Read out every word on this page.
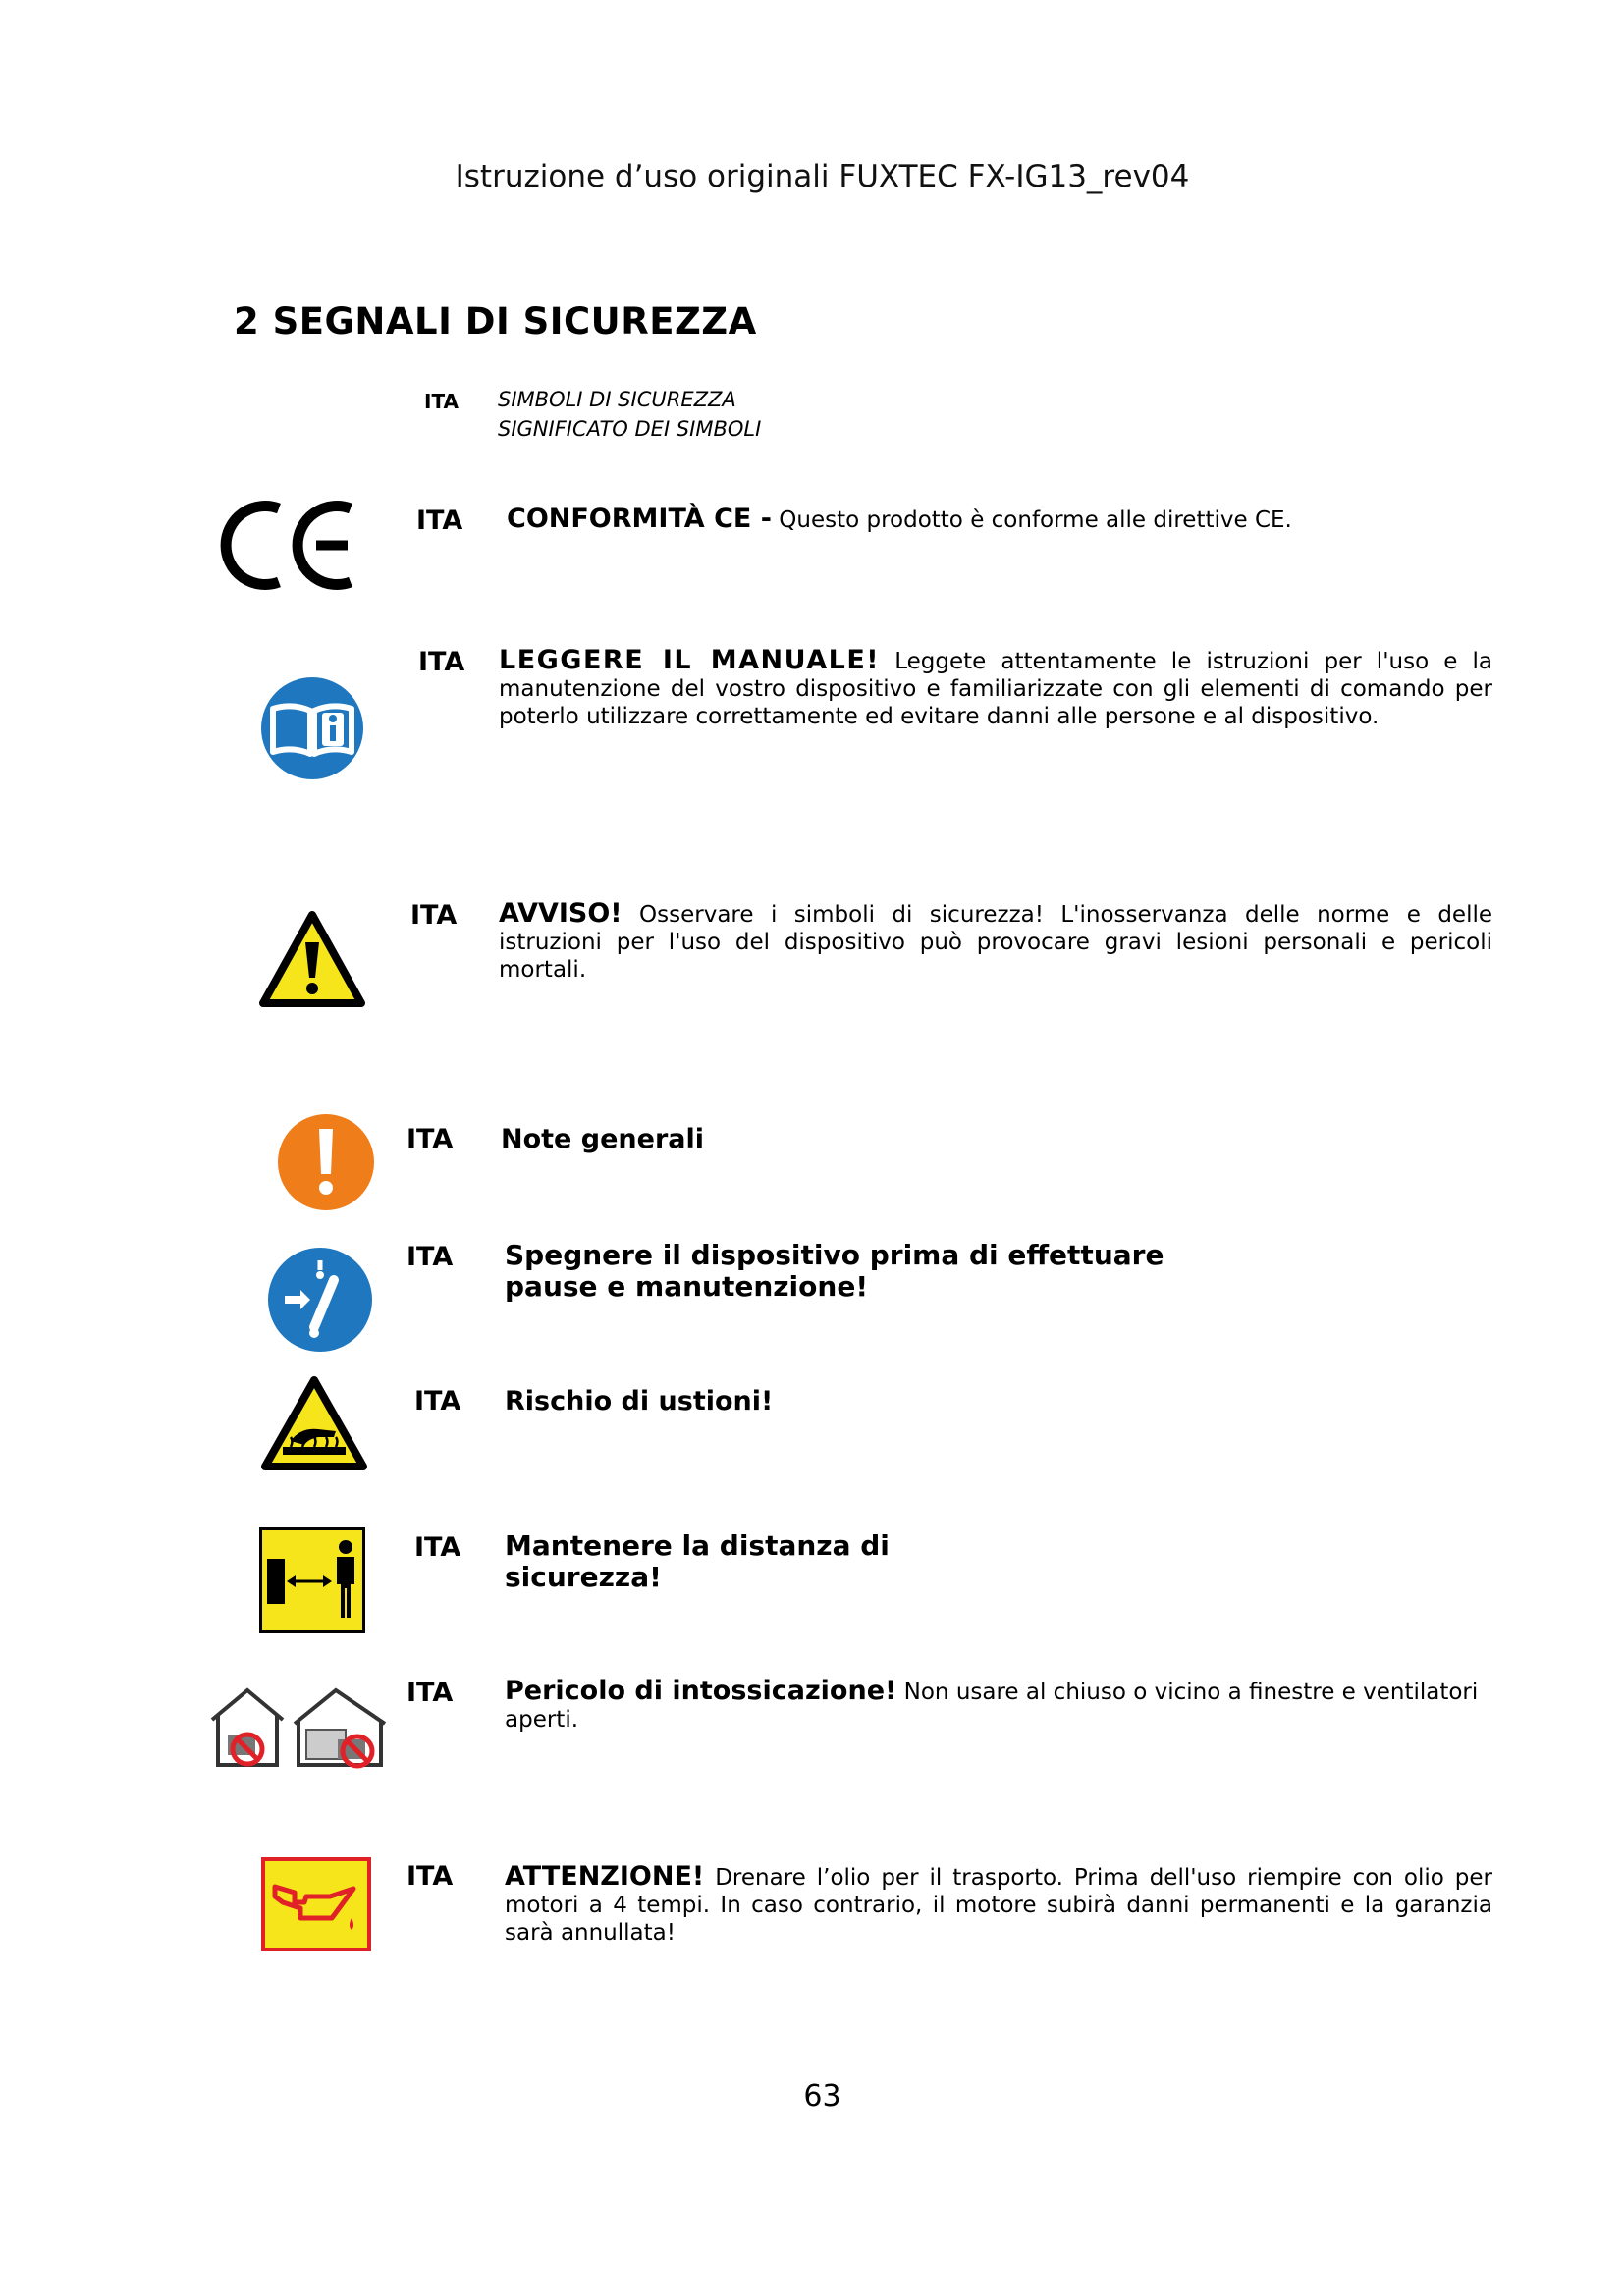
Istruzione d’uso originali FUXTEC FX-IG13_rev04
2 SEGNALI DI SICUREZZA
ITA SIMBOLI DI SICUREZZA
SIGNIFICATO DEI SIMBOLI
ITA CONFORMITÀ CE - Questo prodotto è conforme alle direttive CE.
ITA LEGGERE IL MANUALE! Leggete attentamente le istruzioni per l'uso e la manutenzione del vostro dispositivo e familiarizzate con gli elementi di comando per poterlo utilizzare correttamente ed evitare danni alle persone e al dispositivo.
ITA AVVISO! Osservare i simboli di sicurezza! L'inosservanza delle norme e delle istruzioni per l'uso del dispositivo può provocare gravi lesioni personali e pericoli mortali.
ITA Note generali
ITA Spegnere il dispositivo prima di effettuare
pause e manutenzione!
ITA Rischio di ustioni!
ITA Mantenere la distanza di
sicurezza!
ITA Pericolo di intossicazione! Non usare al chiuso o vicino a finestre e ventilatori aperti.
ITA ATTENZIONE! Drenare l’olio per il trasporto. Prima dell'uso riempire con olio per motori a 4 tempi. In caso contrario, il motore subirà danni permanenti e la garanzia sarà annullata!
63
